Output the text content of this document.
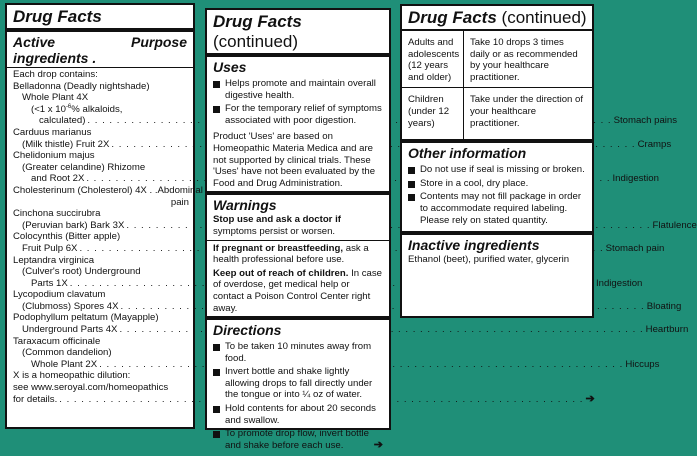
Drug Facts
Active ingredients .
Purpose
Each drop contains:
Belladonna (Deadly nightshade)
Whole Plant 4X
(<1 x $10^{-6}\%$ alkaloids,
calculated) . . .	Stomach pains
Carduus marianus
(Milk thistle) Fruit 2X . . .	Cramps
Chelidonium majus
(Greater celandine) Rhizome
and Root 2X . . .	Indigestion
Cholesterinum (Cholesterol) 4X . . Abdominal
pain
Cinchona succirubra
(Peruvian bark) Bark 3X . . .	Flatulence
Colocynthis (Bitter apple)
Fruit Pulp 6X . . .	Stomach pain
Leptandra virginica
(Culver's root) Underground
Parts 1X . . .	Indigestion
Lycopodium clavatum
(Clubmoss) Spores 4X . . .	Bloating
Podophyllum peltatum (Mayapple)
Underground Parts 4X . . .	Heartburn
Taraxacum officinale
(Common dandelion)
Whole Plant 2X . . .	Hiccups
X is a homeopathic dilution:
see www.seroyal.com/homeopathics
for details. . . .	➔
Drug Facts (continued)
Uses
Helps promote and maintain overall digestive health.
For the temporary relief of symptoms associated with poor digestion.
Product 'Uses' are based on Homeopathic Materia Medica and are not supported by clinical trials. These 'Uses' have not been evaluated by the Food and Drug Administration.
Warnings
Stop use and ask a doctor if symptoms persist or worsen.
If pregnant or breastfeeding, ask a health professional before use.
Keep out of reach of children. In case of overdose, get medical help or contact a Poison Control Center right away.
Directions
To be taken 10 minutes away from food.
Invert bottle and shake lightly allowing drops to fall directly under the tongue or into ¼ oz of water.
Hold contents for about 20 seconds and swallow.
To promote drop flow, invert bottle and shake before each use.	➔
Drug Facts (continued)
Adults and adolescents (12 years and older)
Take 10 drops 3 times daily or as recommended by your healthcare practitioner.
Children (under 12 years)
Take under the direction of your healthcare practitioner.
Other information
Do not use if seal is missing or broken.
Store in a cool, dry place.
Contents may not fill package in order to accommodate required labeling. Please rely on stated quantity.
Inactive ingredients
Ethanol (beet), purified water, glycerin
